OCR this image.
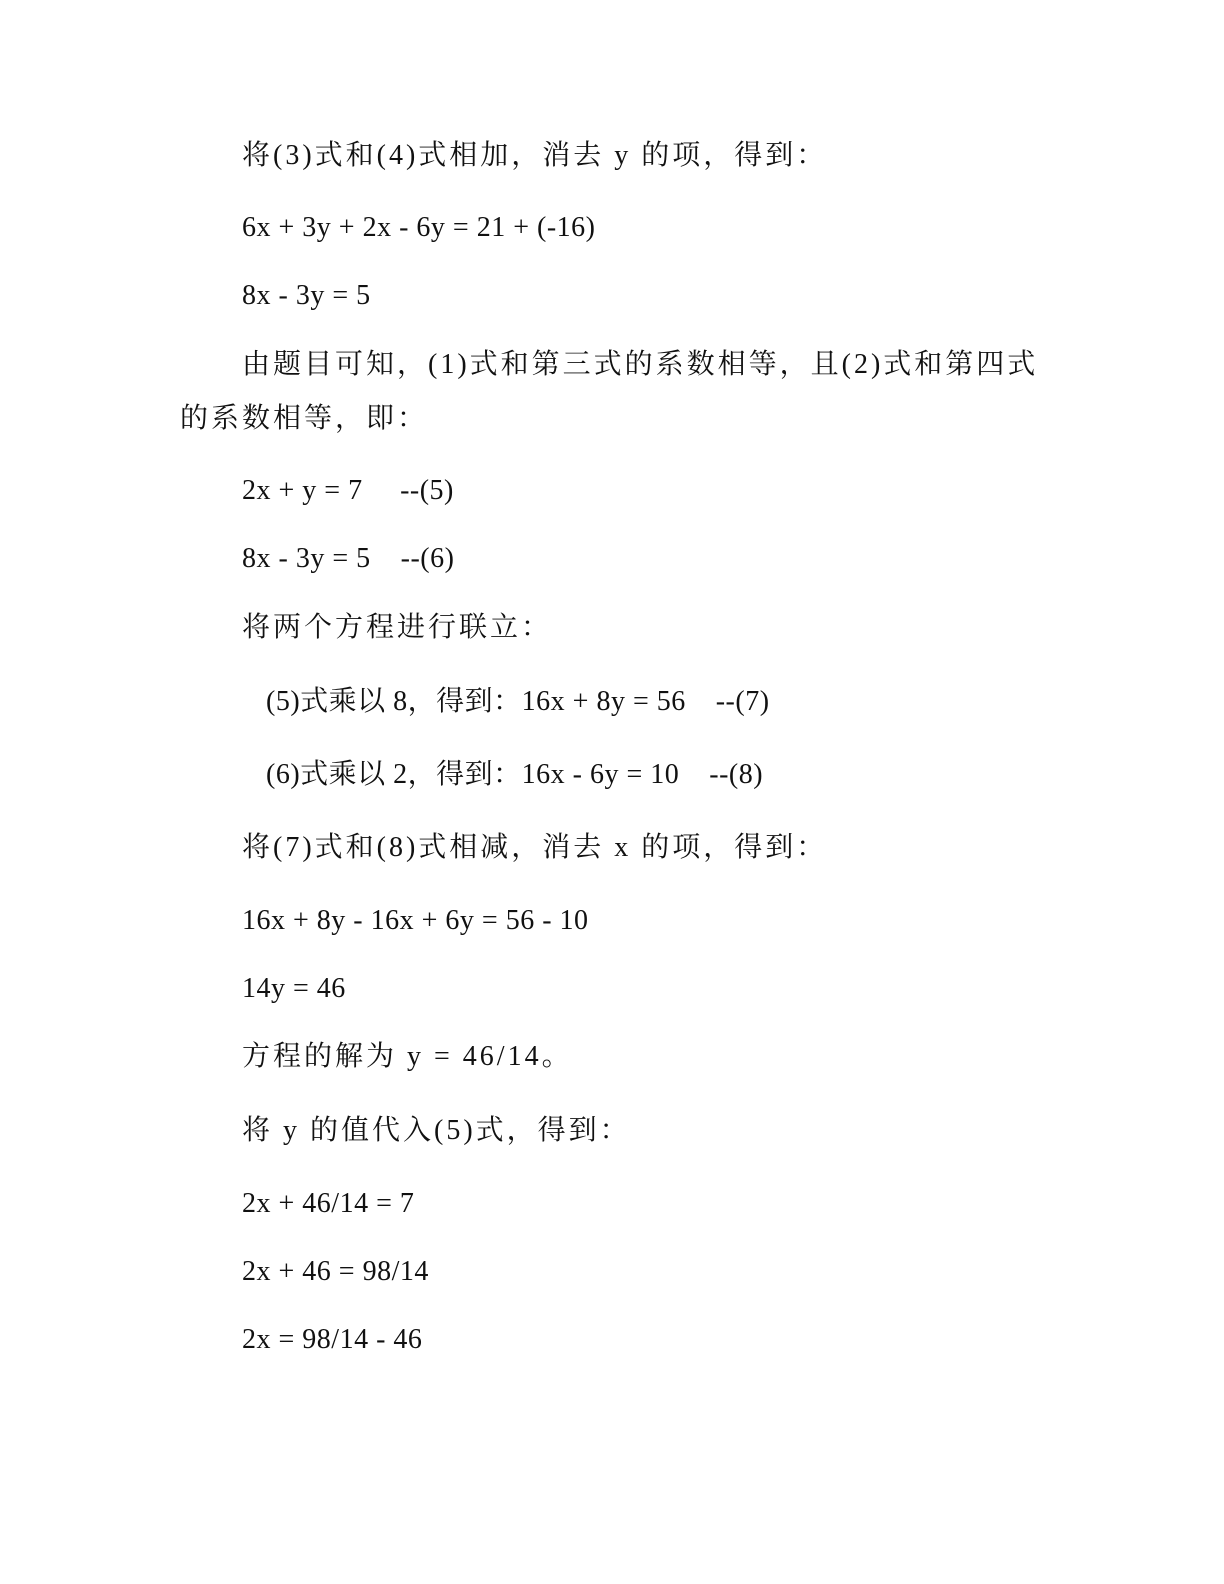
将(3)式和(4)式相加，消去 y 的项，得到：

6x + 3y + 2x - 6y = 21 + (-16)

8x - 3y = 5

由题目可知，(1)式和第三式的系数相等，且(2)式和第四式的系数相等，即：

2x + y = 7     --(5)

8x - 3y = 5    --(6)

将两个方程进行联立：

(5)式乘以 8，得到：16x + 8y = 56    --(7)

(6)式乘以 2，得到：16x - 6y = 10    --(8)

将(7)式和(8)式相减，消去 x 的项，得到：

16x + 8y - 16x + 6y = 56 - 10

14y = 46

方程的解为 y = 46/14。

将 y 的值代入(5)式，得到：

2x + 46/14 = 7

2x + 46 = 98/14

2x = 98/14 - 46
